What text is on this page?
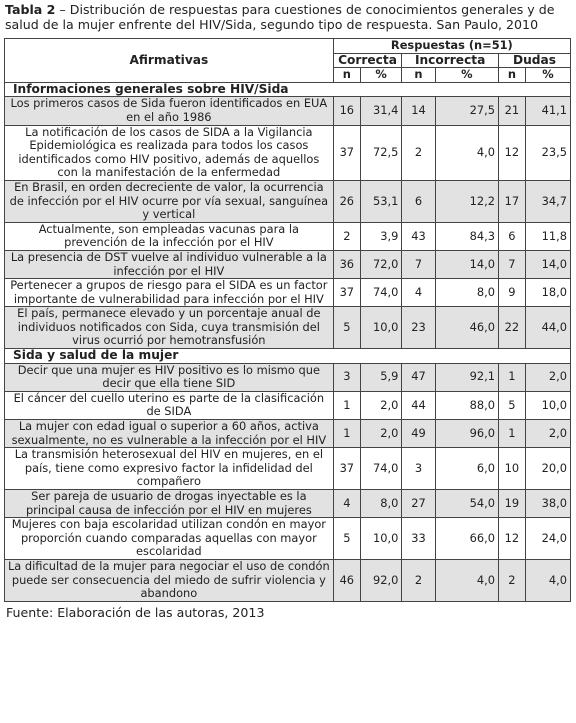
Tabla 2 – Distribución de respuestas para cuestiones de conocimientos generales y de salud de la mujer enfrente del HIV/Sida, segundo tipo de respuesta. San Paulo, 2010

Afirmativas	Respuestas (n=51)					
	Correcta		Incorrecta		Dudas	
	n	%	n	%	n	%
Informaciones generales sobre HIV/Sida						
Los primeros casos de Sida fueron identificados en EUA en el año 1986	16	31,4	14	27,5	21	41,1
La notificación de los casos de SIDA a la Vigilancia Epidemiológica es realizada para todos los casos identificados como HIV positivo, además de aquellos con la manifestación de la enfermedad	37	72,5	2	4,0	12	23,5
En Brasil, en orden decreciente de valor, la ocurrencia de infección por el HIV ocurre por vía sexual, sanguínea y vertical	26	53,1	6	12,2	17	34,7
Actualmente, son empleadas vacunas para la prevención de la infección por el HIV	2	3,9	43	84,3	6	11,8
La presencia de DST vuelve al individuo vulnerable a la infección por el HIV	36	72,0	7	14,0	7	14,0
Pertenecer a grupos de riesgo para el SIDA es un factor importante de vulnerabilidad para infección por el HIV	37	74,0	4	8,0	9	18,0
El país, permanece elevado y un porcentaje anual de individuos notificados con Sida, cuya transmisión del virus ocurrió por hemotransfusión	5	10,0	23	46,0	22	44,0
Sida y salud de la mujer						
Decir que una mujer es HIV positivo es lo mismo que decir que ella tiene SID	3	5,9	47	92,1	1	2,0
El cáncer del cuello uterino es parte de la clasificación de SIDA	1	2,0	44	88,0	5	10,0
La mujer con edad igual o superior a 60 años, activa sexualmente, no es vulnerable a la infección por el HIV	1	2,0	49	96,0	1	2,0
La transmisión heterosexual del HIV en mujeres, en el país, tiene como expresivo factor la infidelidad del compañero	37	74,0	3	6,0	10	20,0
Ser pareja de usuario de drogas inyectable es la principal causa de infección por el HIV en mujeres	4	8,0	27	54,0	19	38,0
Mujeres con baja escolaridad utilizan condón en mayor proporción cuando comparadas aquellas con mayor escolaridad	5	10,0	33	66,0	12	24,0
La dificultad de la mujer para negociar el uso de condón puede ser consecuencia del miedo de sufrir violencia y abandono	46	92,0	2	4,0	2	4,0

Fuente: Elaboración de las autoras, 2013
